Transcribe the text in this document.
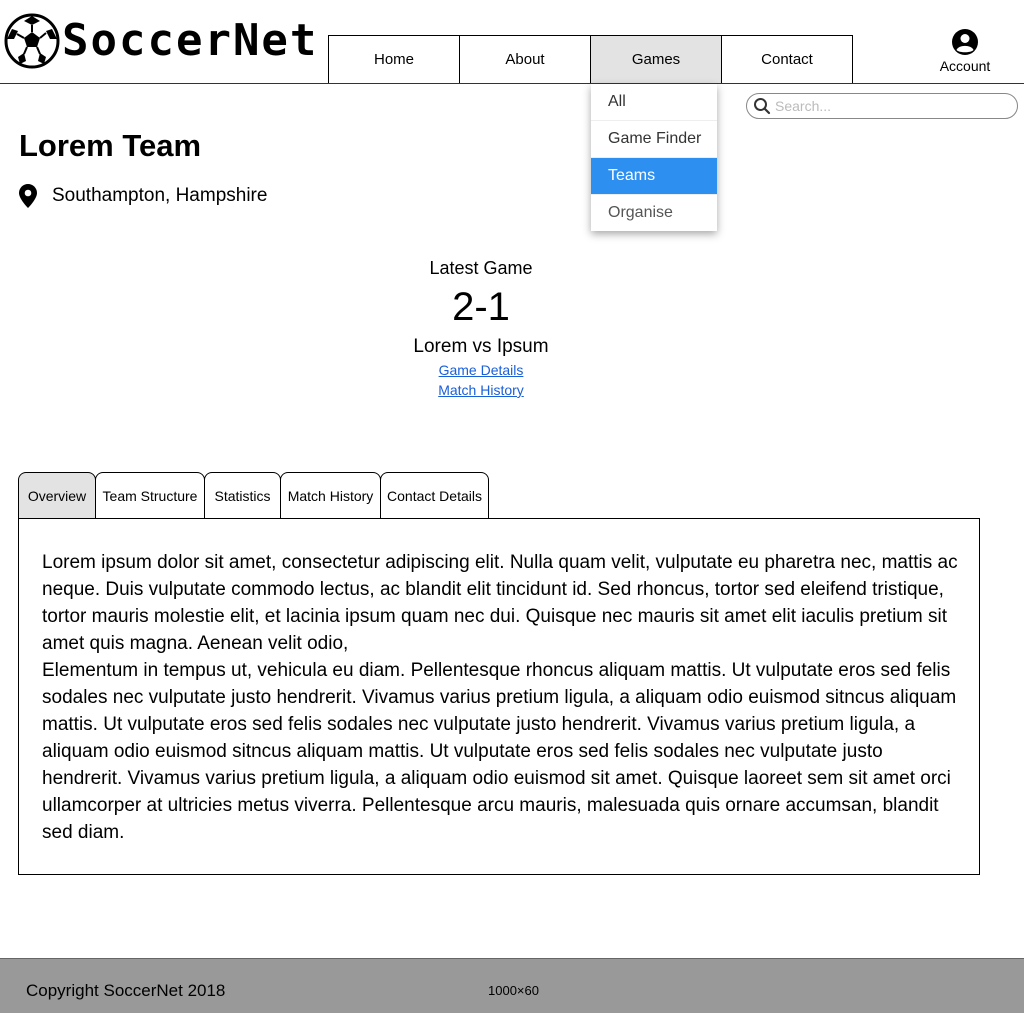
SoccerNet	Home	About	Games	Contact	Account
Search...
Lorem Team
Southampton, Hampshire
Latest Game
2-1
Lorem vs Ipsum
Game Details
Match History
Overview	Team Structure	Statistics	Match History Contact Details

Lorem ipsum dolor sit amet, consectetur adipiscing elit. Nulla quam velit, vulputate eu pharetra nec, mattis ac neque. Duis vulputate commodo lectus, ac blandit elit tincidunt id. Sed rhoncus, tortor sed eleifend tristique, tortor mauris molestie elit, et lacinia ipsum quam nec dui. Quisque nec mauris sit amet elit iaculis pretium sit amet quis magna. Aenean velit odio,

Elementum in tempus ut, vehicula eu diam. Pellentesque rhoncus aliquam mattis. Ut vulputate eros sed felis sodales nec vulputate justo hendrerit. Vivamus varius pretium ligula, a aliquam odio euismod sitncus aliquam mattis. Ut vulputate eros sed felis sodales nec vulputate justo hendrerit. Vivamus varius pretium ligula, a aliquam odio euismod sitncus aliquam mattis. Ut vulputate eros sed felis sodales nec vulputate justo hendrerit. Vivamus varius pretium ligula, a aliquam odio euismod sit amet. Quisque laoreet sem sit amet orci ullamcorper at ultricies metus viverra. Pellentesque arcu mauris, malesuada quis ornare accumsan, blandit sed diam.

All
Game Finder
Teams
Organise
Copyright SoccerNet 2018	1000×60
